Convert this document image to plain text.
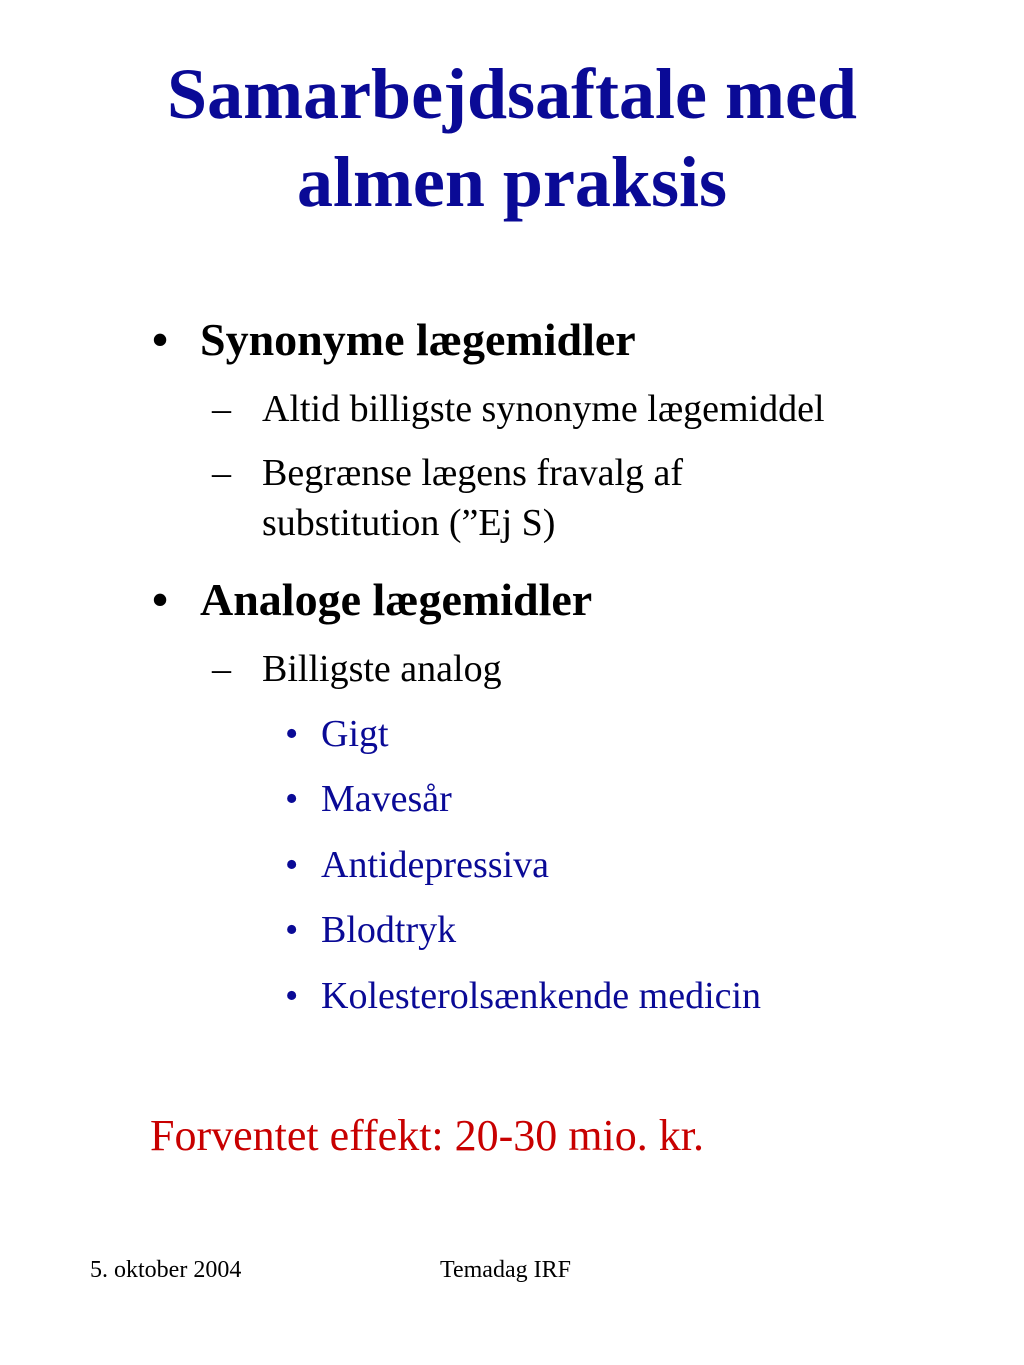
Samarbejdsaftale med
almen praksis
• Synonyme lægemidler
– Altid billigste synonyme lægemiddel
– Begrænse lægens fravalg af
substitution (”Ej S)
• Analoge lægemidler
– Billigste analog
• Gigt
• Mavesår
• Antidepressiva
• Blodtryk
• Kolesterolsænkende medicin
Forventet effekt: 20-30 mio. kr.
5. oktober 2004	Temadag IRF
